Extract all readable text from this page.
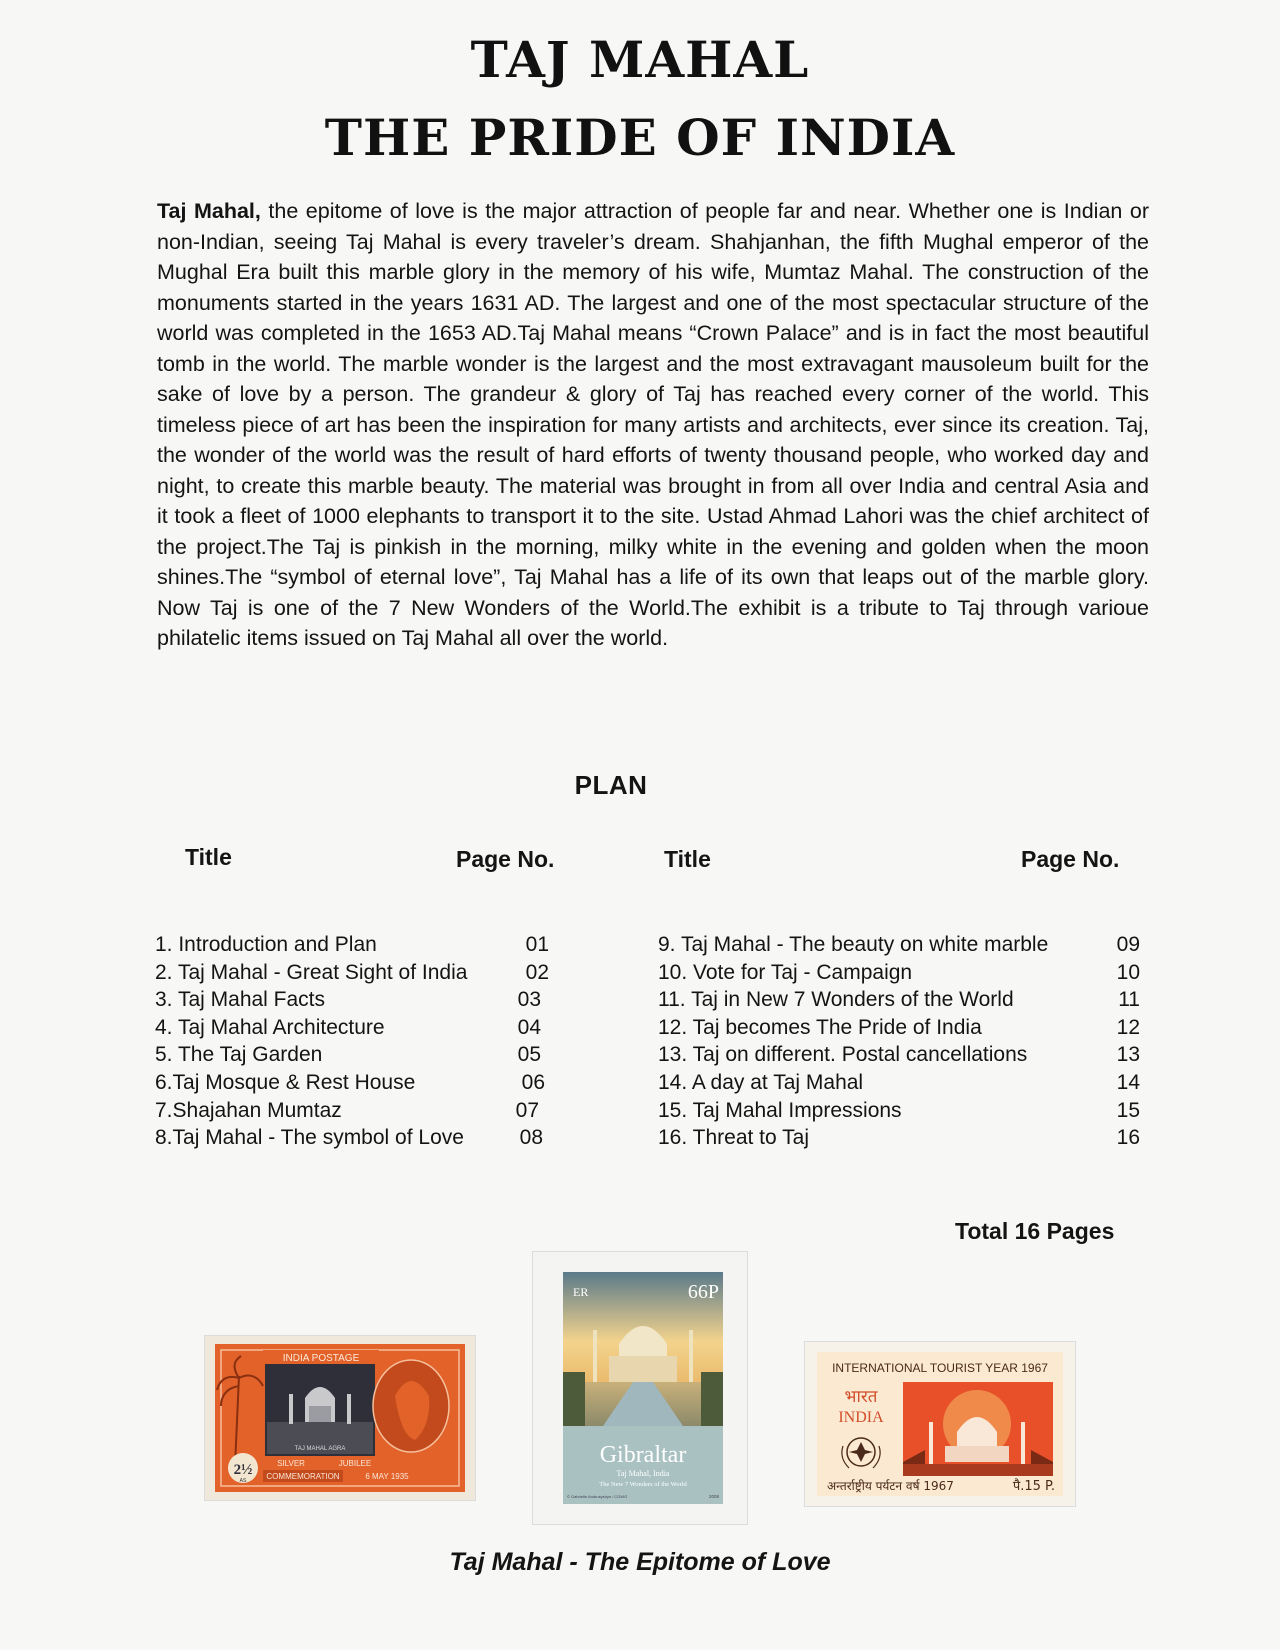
TAJ MAHAL
THE PRIDE OF INDIA

Taj Mahal, the epitome of love is the major attraction of people far and near. Whether one is Indian or non-Indian, seeing Taj Mahal is every traveler’s dream. Shahjanhan, the fifth Mughal emperor of the Mughal Era built this marble glory in the memory of his wife, Mumtaz Mahal. The construction of the monuments started in the years 1631 AD. The largest and one of the most spectacular structure of the world was completed in the 1653 AD.Taj Mahal means “Crown Palace” and is in fact the most beautiful tomb in the world. The marble wonder is the largest and the most extravagant mausoleum built for the sake of love by a person. The grandeur & glory of Taj has reached every corner of the world. This timeless piece of art has been the inspiration for many artists and architects, ever since its creation. Taj, the wonder of the world was the result of hard efforts of twenty thousand people, who worked day and night, to create this marble beauty. The material was brought in from all over India and central Asia and it took a fleet of 1000 elephants to transport it to the site. Ustad Ahmad Lahori was the chief architect of the project.The Taj is pinkish in the morning, milky white in the evening and golden when the moon shines.The “symbol of eternal love”, Taj Mahal has a life of its own that leaps out of the marble glory. Now Taj is one of the 7 New Wonders of the World.The exhibit is a tribute to Taj through varioue philatelic items issued on Taj Mahal all over the world.

PLAN
Title	Page No.	Title	Page No.
1. Introduction and Plan	01
2. Taj Mahal - Great Sight of India	02
3. Taj Mahal Facts	03
4. Taj Mahal Architecture	04
5. The Taj Garden	05
6.Taj Mosque & Rest House	06
7.Shajahan Mumtaz	07
8.Taj Mahal - The symbol of Love	08
9. Taj Mahal - The beauty on white marble	09
10. Vote for Taj - Campaign	10
11. Taj in New 7 Wonders of the World	11
12. Taj becomes The Pride of India	12
13. Taj on different. Postal cancellations	13
14. A day at Taj Mahal	14
15. Taj Mahal Impressions	15
16. Threat to Taj	16
Total 16 Pages
INDIA POSTAGE
TAJ MAHAL AGRA
2½
AS
SILVER	JUBILEE
COMMEMORATION	6 MAY 1935
ER	66P
Gibraltar
Taj Mahal, India
The New 7 Wonders of the World
© Gabrielle Andrusyshyn / CGWG	2008
INTERNATIONAL TOURIST YEAR 1967
भारत
INDIA
अन्तर्राष्ट्रीय पर्यटन वर्ष 1967	पै.15 P.
Taj Mahal - The Epitome of Love
